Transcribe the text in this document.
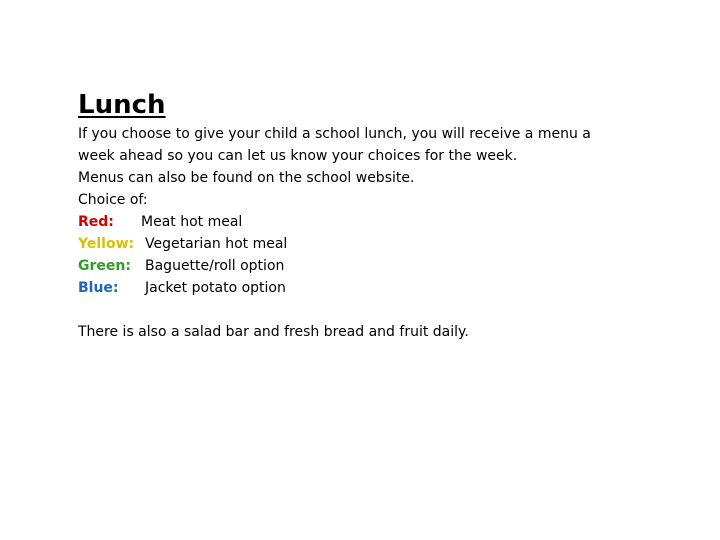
Lunch
If you choose to give your child a school lunch, you will receive a menu a
week ahead so you can let us know your choices for the week.
Menus can also be found on the school website.
Choice of:
Red:	Meat hot meal
Yellow: Vegetarian hot meal
Green:	Baguette/roll option
Blue:	Jacket potato option

There is also a salad bar and fresh bread and fruit daily.
